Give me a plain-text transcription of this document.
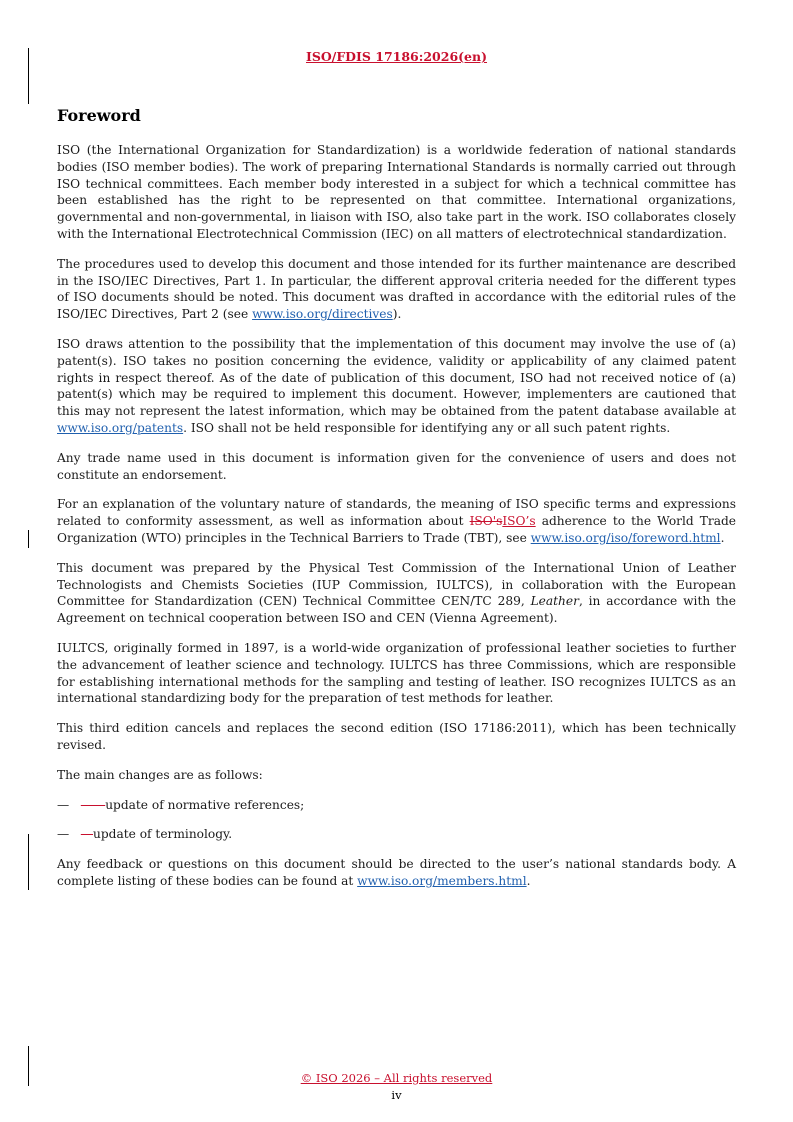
ISO/FDIS 17186:2026(en)
Foreword

ISO (the International Organization for Standardization) is a worldwide federation of national standards bodies (ISO member bodies). The work of preparing International Standards is normally carried out through ISO technical committees. Each member body interested in a subject for which a technical committee has been established has the right to be represented on that committee. International organizations, governmental and non-governmental, in liaison with ISO, also take part in the work. ISO collaborates closely with the International Electrotechnical Commission (IEC) on all matters of electrotechnical standardization.

The procedures used to develop this document and those intended for its further maintenance are described in the ISO/IEC Directives, Part 1. In particular, the different approval criteria needed for the different types of ISO documents should be noted. This document was drafted in accordance with the editorial rules of the ISO/IEC Directives, Part 2 (see www.iso.org/directives).

ISO draws attention to the possibility that the implementation of this document may involve the use of (a) patent(s). ISO takes no position concerning the evidence, validity or applicability of any claimed patent rights in respect thereof. As of the date of publication of this document, ISO had not received notice of (a) patent(s) which may be required to implement this document. However, implementers are cautioned that this may not represent the latest information, which may be obtained from the patent database available at www.iso.org/patents. ISO shall not be held responsible for identifying any or all such patent rights.

Any trade name used in this document is information given for the convenience of users and does not constitute an endorsement.

For an explanation of the voluntary nature of standards, the meaning of ISO specific terms and expressions related to conformity assessment, as well as information about ISO'sISO’s adherence to the World Trade Organization (WTO) principles in the Technical Barriers to Trade (TBT), see www.iso.org/iso/foreword.html.

This document was prepared by the Physical Test Commission of the International Union of Leather Technologists and Chemists Societies (IUP Commission, IULTCS), in collaboration with the European Committee for Standardization (CEN) Technical Committee CEN/TC 289, Leather, in accordance with the Agreement on technical cooperation between ISO and CEN (Vienna Agreement).

IULTCS, originally formed in 1897, is a world-wide organization of professional leather societies to further the advancement of leather science and technology. IULTCS has three Commissions, which are responsible for establishing international methods for the sampling and testing of leather. ISO recognizes IULTCS as an international standardizing body for the preparation of test methods for leather.

This third edition cancels and replaces the second edition (ISO 17186:2011), which has been technically revised.

The main changes are as follows:

— ——update of normative references;
— —update of terminology.

Any feedback or questions on this document should be directed to the user’s national standards body. A complete listing of these bodies can be found at www.iso.org/members.html.

© ISO 2026 – All rights reserved
iv
